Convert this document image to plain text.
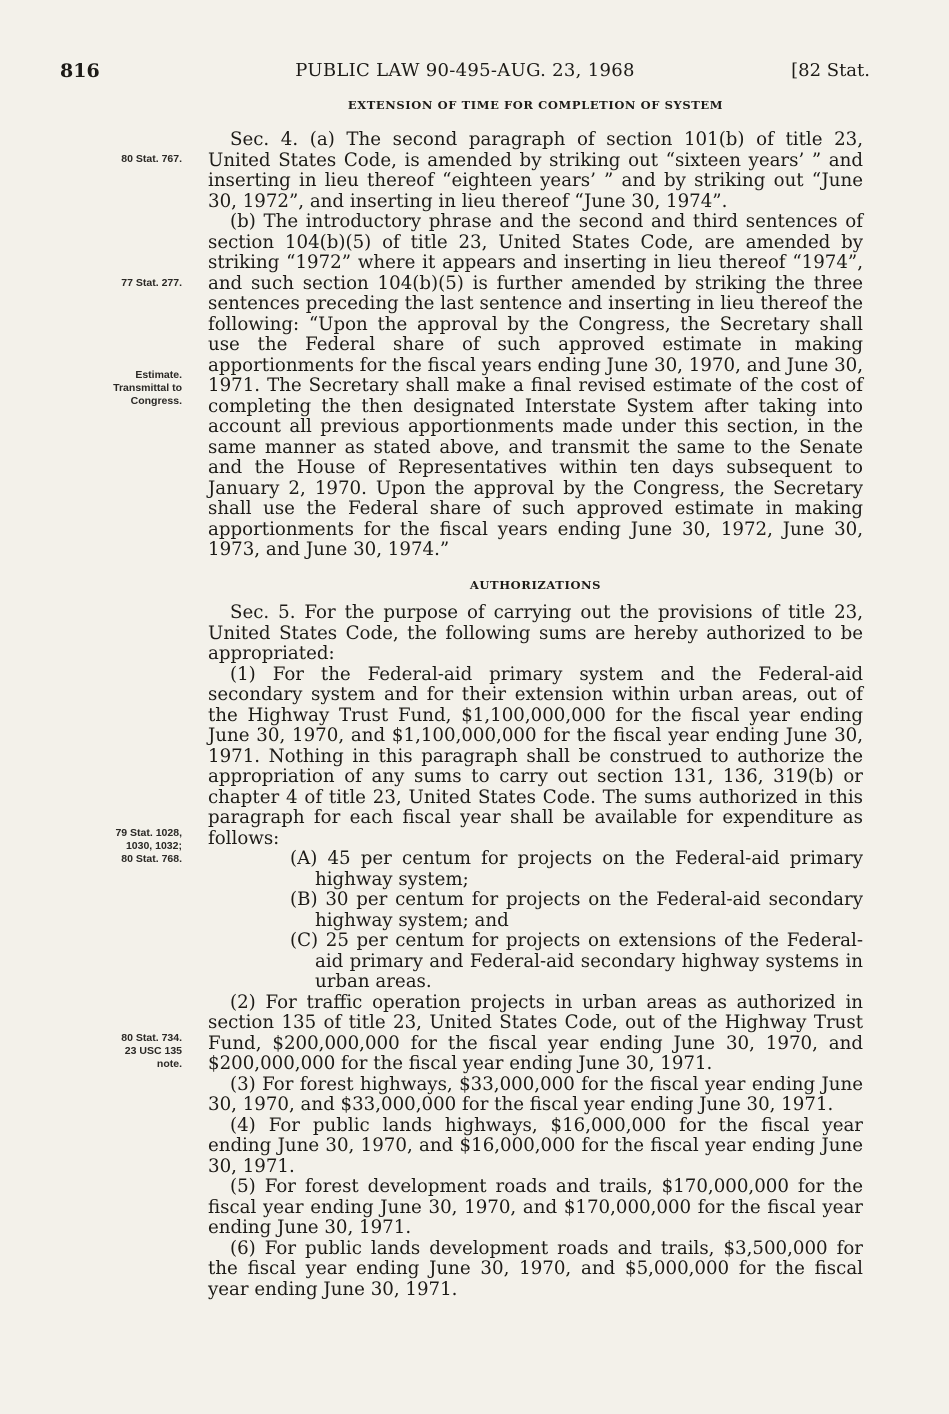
816	PUBLIC LAW 90-495-AUG. 23, 1968	[82 Stat.
EXTENSION OF TIME FOR COMPLETION OF SYSTEM

Sec. 4. (a) The second paragraph of section 101(b) of title 23, United States Code, is amended by striking out “sixteen years’ ” and inserting in lieu thereof “eighteen years’ ” and by striking out “June 30, 1972”, and inserting in lieu thereof “June 30, 1974”.

(b) The introductory phrase and the second and third sentences of section 104(b)(5) of title 23, United States Code, are amended by striking “1972” where it appears and inserting in lieu thereof “1974”, and such section 104(b)(5) is further amended by striking the three sentences preceding the last sentence and inserting in lieu thereof the following: “Upon the approval by the Congress, the Secretary shall use the Federal share of such approved estimate in making apportionments for the fiscal years ending June 30, 1970, and June 30, 1971. The Secretary shall make a final revised estimate of the cost of completing the then designated Interstate System after taking into account all previous apportionments made under this section, in the same manner as stated above, and transmit the same to the Senate and the House of Representatives within ten days subsequent to January 2, 1970. Upon the approval by the Congress, the Secretary shall use the Federal share of such approved estimate in making apportionments for the fiscal years ending June 30, 1972, June 30, 1973, and June 30, 1974.”

AUTHORIZATIONS

Sec. 5. For the purpose of carrying out the provisions of title 23, United States Code, the following sums are hereby authorized to be appropriated:

(1) For the Federal-aid primary system and the Federal-aid secondary system and for their extension within urban areas, out of the Highway Trust Fund, $1,100,000,000 for the fiscal year ending June 30, 1970, and $1,100,000,000 for the fiscal year ending June 30, 1971. Nothing in this paragraph shall be construed to authorize the appropriation of any sums to carry out section 131, 136, 319(b) or chapter 4 of title 23, United States Code. The sums authorized in this paragraph for each fiscal year shall be available for expenditure as follows:

(A) 45 per centum for projects on the Federal-aid primary highway system;

(B) 30 per centum for projects on the Federal-aid secondary highway system; and

(C) 25 per centum for projects on extensions of the Federal-aid primary and Federal-aid secondary highway systems in urban areas.

(2) For traffic operation projects in urban areas as authorized in section 135 of title 23, United States Code, out of the Highway Trust Fund, $200,000,000 for the fiscal year ending June 30, 1970, and $200,000,000 for the fiscal year ending June 30, 1971.

(3) For forest highways, $33,000,000 for the fiscal year ending June 30, 1970, and $33,000,000 for the fiscal year ending June 30, 1971.

(4) For public lands highways, $16,000,000 for the fiscal year ending June 30, 1970, and $16,000,000 for the fiscal year ending June 30, 1971.

(5) For forest development roads and trails, $170,000,000 for the fiscal year ending June 30, 1970, and $170,000,000 for the fiscal year ending June 30, 1971.

(6) For public lands development roads and trails, $3,500,000 for the fiscal year ending June 30, 1970, and $5,000,000 for the fiscal year ending June 30, 1971.

80 Stat. 767.
77 Stat. 277.
Estimate.
Transmittal to
Congress.
79 Stat. 1028,
1030, 1032;
80 Stat. 768.
80 Stat. 734.
23 USC 135
note.
